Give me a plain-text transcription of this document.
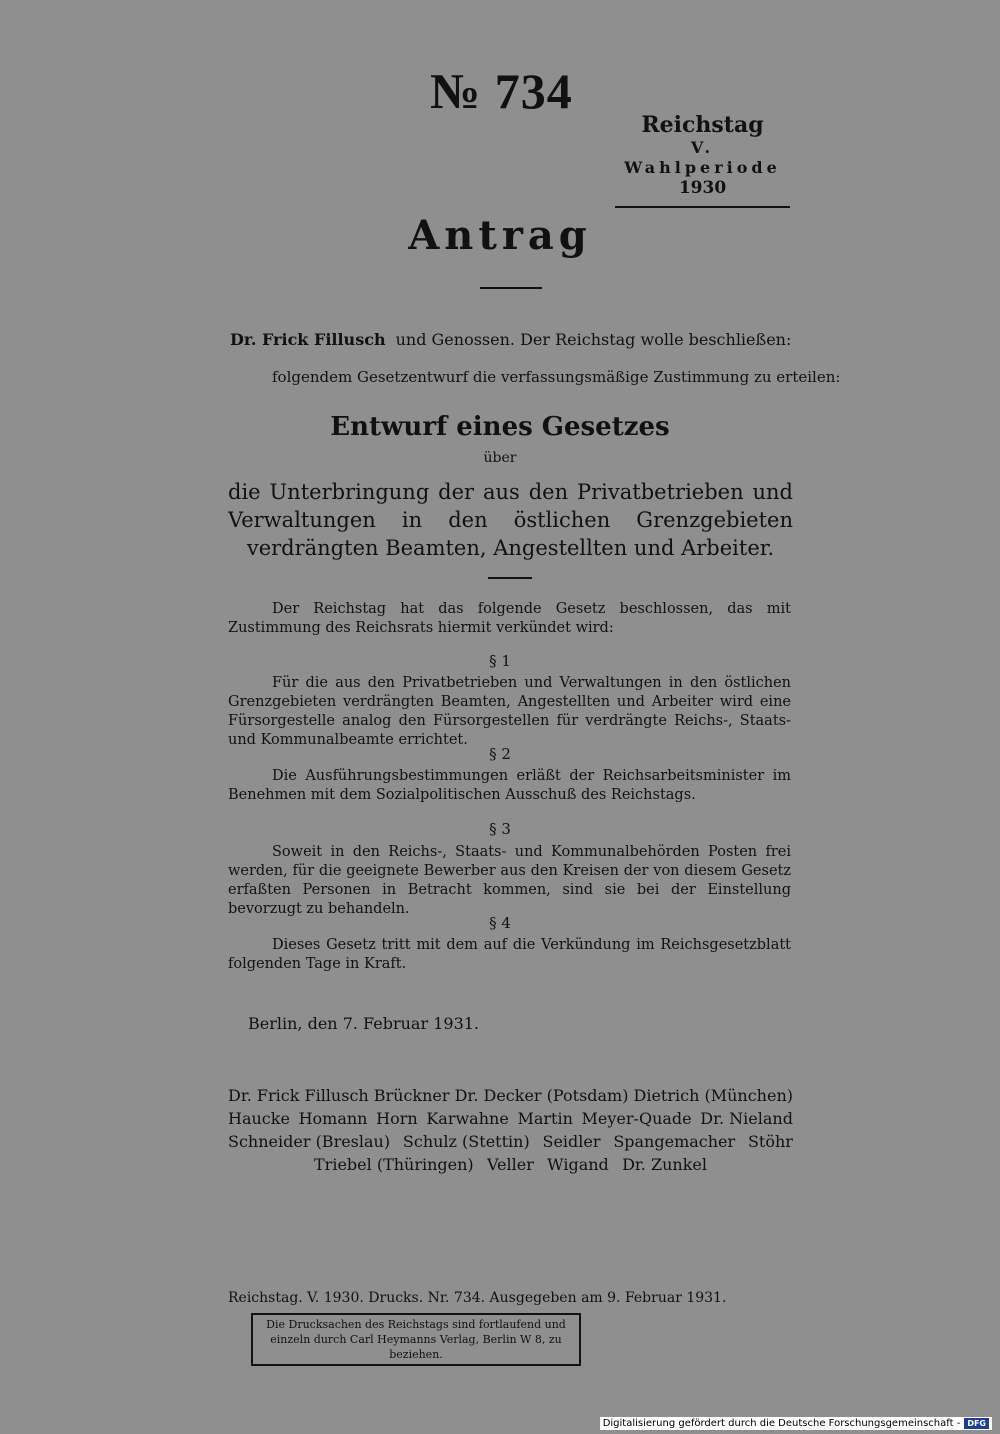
№ 734
Reichstag
V. Wahlperiode
1930
Antrag
Dr. Frick Fillusch und Genossen. Der Reichstag wolle beschließen:
folgendem Gesetzentwurf die verfassungsmäßige Zustimmung zu erteilen:
Entwurf eines Gesetzes
über
die Unterbringung der aus den Privatbetrieben und Verwaltungen in den östlichen Grenzgebieten verdrängten Beamten, Angestellten und Arbeiter.
Der Reichstag hat das folgende Gesetz beschlossen, das mit Zustimmung des Reichsrats hiermit verkündet wird:
§ 1
Für die aus den Privatbetrieben und Verwaltungen in den östlichen Grenzgebieten verdrängten Beamten, Angestellten und Arbeiter wird eine Fürsorgestelle analog den Fürsorgestellen für verdrängte Reichs-, Staats- und Kommunalbeamte errichtet.
§ 2
Die Ausführungsbestimmungen erläßt der Reichsarbeitsminister im Benehmen mit dem Sozialpolitischen Ausschuß des Reichstags.
§ 3
Soweit in den Reichs-, Staats- und Kommunalbehörden Posten frei werden, für die geeignete Bewerber aus den Kreisen der von diesem Gesetz erfaßten Personen in Betracht kommen, sind sie bei der Einstellung bevorzugt zu behandeln.
§ 4
Dieses Gesetz tritt mit dem auf die Verkündung im Reichsgesetzblatt folgenden Tage in Kraft.
Berlin, den 7. Februar 1931.
Dr. Frick Fillusch Brückner Dr. Decker (Potsdam) Dietrich (München)
Haucke Homann Horn Karwahne Martin Meyer-Quade Dr. Nieland
Schneider (Breslau) Schulz (Stettin) Seidler Spangemacher Stöhr
Triebel (Thüringen) Veller Wigand Dr. Zunkel
Reichstag. V. 1930. Drucks. Nr. 734. Ausgegeben am 9. Februar 1931.
Die Drucksachen des Reichstags sind fortlaufend und einzeln durch Carl Heymanns Verlag, Berlin W 8, zu beziehen.
Digitalisierung gefördert durch die Deutsche Forschungsgemeinschaft - DFG
